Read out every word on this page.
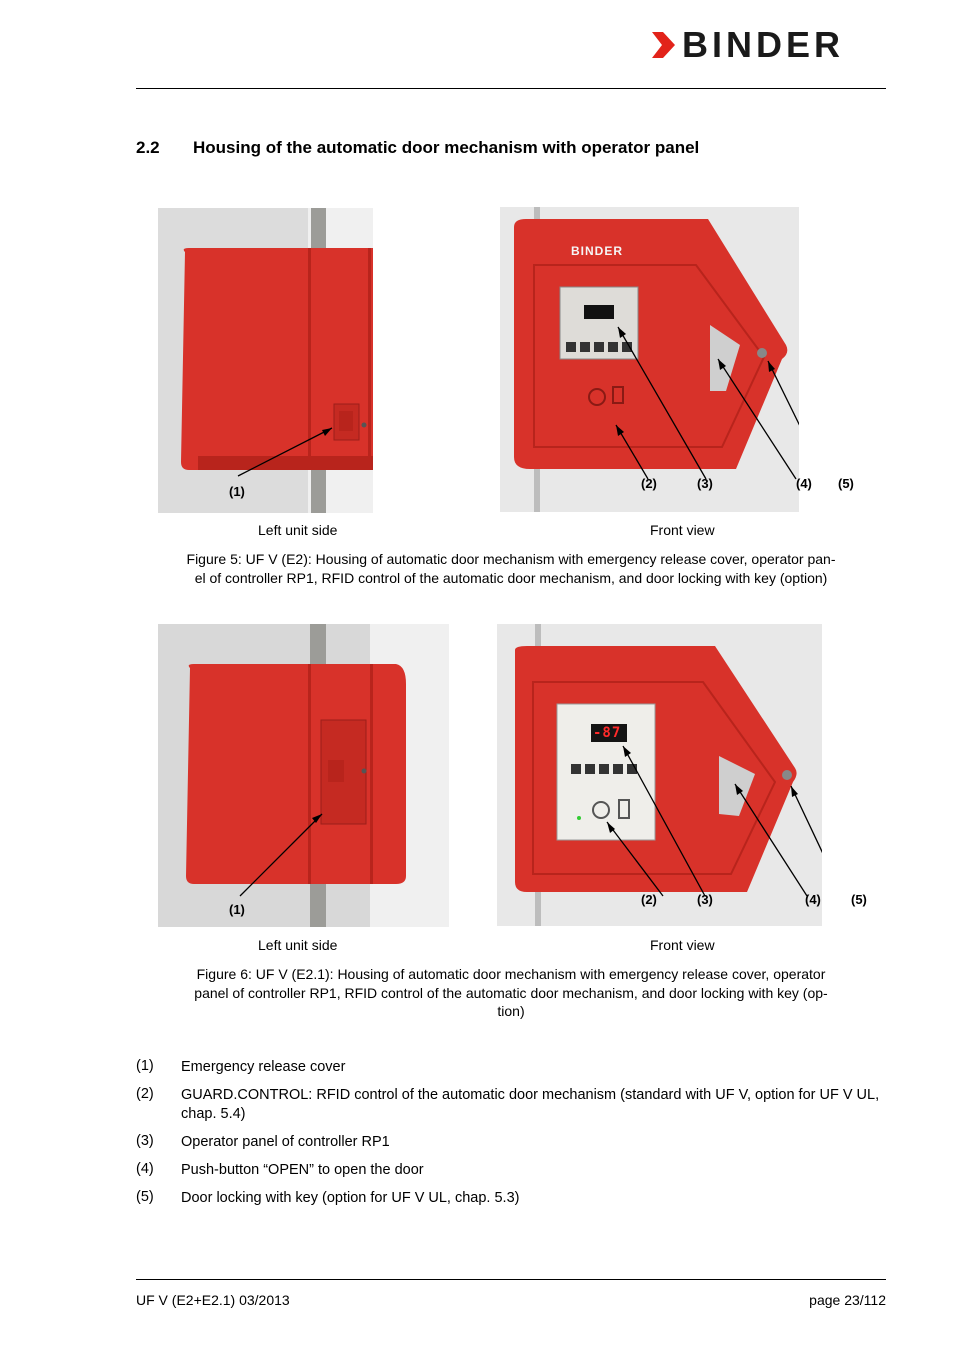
BINDER
2.2 Housing of the automatic door mechanism with operator panel
(1)
BINDER
(2)	(3)	(4) (5)
Left unit side	Front view
Figure 5: UF V (E2): Housing of automatic door mechanism with emergency release cover, operator pan-
el of controller RP1, RFID control of the automatic door mechanism, and door locking with key (option)
(1)
-87
(2)	(3)	(4) (5)
Left unit side	Front view
Figure 6: UF V (E2.1): Housing of automatic door mechanism with emergency release cover, operator
panel of controller RP1, RFID control of the automatic door mechanism, and door locking with key (op-
tion)
(1) Emergency release cover
(2) GUARD.CONTROL: RFID control of the automatic door mechanism (standard with UF V, option for UF V UL, chap. 5.4)
(3) Operator panel of controller RP1
(4) Push-button “OPEN” to open the door
(5) Door locking with key (option for UF V UL, chap. 5.3)
UF V (E2+E2.1) 03/2013	page 23/112
